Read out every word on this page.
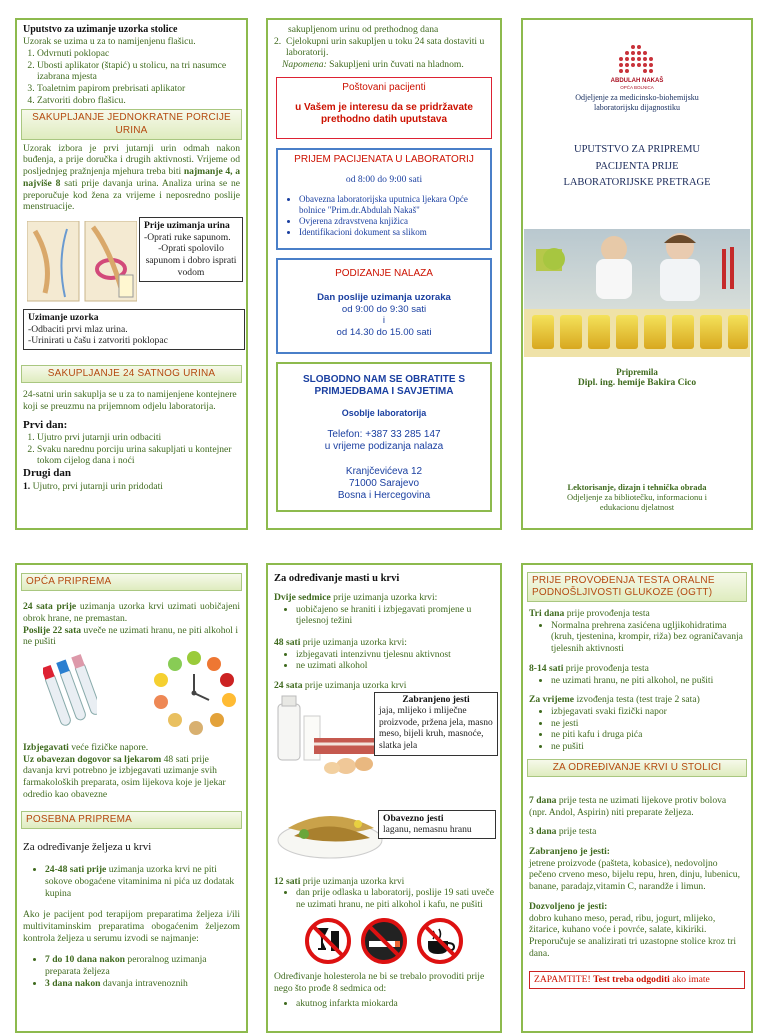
Uputstvo za uzimanje uzorka stolice
Uzorak se uzima u za to namijenjenu flašicu.
1. Odvrnuti poklopac
2. Ubosti aplikator (štapić) u stolicu, na tri nasumce izabrana mjesta
3. Toaletnim papirom prebrisati aplikator
4. Zatvoriti dobro flašicu.
SAKUPLJANJE JEDNOKRATNE PORCIJE URINA
Uzorak izbora je prvi jutarnji urin odmah nakon buđenja, a prije doručka i drugih aktivnosti. Vrijeme od posljednjeg pražnjenja mjehura treba biti najmanje 4, a najviše 8 sati prije davanja urina. Analiza urina se ne preporučuje kod žena za vrijeme i neposredno poslije menstruacije.
Prije uzimanja urina
-Oprati ruke sapunom.
-Oprati spolovilo sapunom i dobro isprati vodom
Uzimanje uzorka
-Odbaciti prvi mlaz urina.
-Urinirati u čašu i zatvoriti poklopac
SAKUPLJANJE 24 SATNOG URINA
24-satni urin sakuplja se u za to namijenjene kontejnere koji se preuzmu na prijemnom odjelu laboratorija.
Prvi dan:
1. Ujutro prvi jutarnji urin odbaciti
2. Svaku narednu porciju urina sakupljati u kontejner tokom cijelog dana i noći
Drugi dan
1. Ujutro, prvi jutarnji urin pridodati
sakupljenom urinu od prethodnog dana
2. Cjelokupni urin sakupljen u toku 24 sata dostaviti u laboratorij.
Napomena: Sakupljeni urin čuvati na hladnom.
Poštovani pacijenti
u Vašem je interesu da se pridržavate prethodno datih uputstava
PRIJEM PACIJENATA U LABORATORIJ
od 8:00 do 9:00 sati
• Obavezna laboratorijska uputnica ljekara Opće bolnice "Prim.dr.Abdulah Nakaš"
• Ovjerena zdravstvena knjižica
• Identifikacioni dokument sa slikom
PODIZANJE NALAZA
Dan poslije uzimanja uzoraka
od 9:00 do 9:30 sati
i
od 14.30 do 15.00 sati
SLOBODNO NAM SE OBRATITE S PRIMJEDBAMA I SAVJETIMA
Osoblje laboratorija
Telefon: +387 33 285 147
u vrijeme podizanja nalaza
Kranjčevićeva 12
71000 Sarajevo
Bosna i Hercegovina
ABDULAH NAKAŠ
OPĆA BOLNICA
Odjeljenje za medicinsko-biohemijsku laboratorijsku dijagnostiku
UPUTSTVO ZA PRIPREMU PACIJENTA PRIJE LABORATORIJSKE PRETRAGE
Pripremila
Dipl. ing. hemije Bakira Cico
Lektorisanje, dizajn i tehnička obrada
Odjeljenje za bibliotečku, informacionu i edukacionu djelatnost
OPĆA PRIPREMA
24 sata prije uzimanja uzorka krvi uzimati uobičajeni obrok hrane, ne premastan.
Poslije 22 sata uveče ne uzimati hranu, ne piti alkohol i ne pušiti
Izbjegavati veće fizičke napore.
Uz obavezan dogovor sa ljekarom 48 sati prije davanja krvi potrebno je izbjegavati uzimanje svih farmakoloških preparata, osim lijekova koje je ljekar odredio kao obavezne
POSEBNA PRIPREMA
Za određivanje željeza u krvi
• 24-48 sati prije uzimanja uzorka krvi ne piti sokove obogaćene vitaminima ni pića uz dodatak kupina
Ako je pacijent pod terapijom preparatima željeza i/ili multivitaminskim preparatima obogaćenim željezom kontrola željeza u serumu izvodi se najmanje:
• 7 do 10 dana nakon peroralnog uzimanja preparata željeza
• 3 dana nakon davanja intravenoznih
Za određivanje masti u krvi
Dvije sedmice prije uzimanja uzorka krvi:
• uobičajeno se hraniti i izbjegavati promjene u tjelesnoj težini
48 sati prije uzimanja uzorka krvi:
• izbjegavati intenzivnu tjelesnu aktivnost
• ne uzimati alkohol
24 sata prije uzimanja uzorka krvi
Zabranjeno jesti
jaja, mlijeko i mliječne proizvode, pržena jela, masno meso, bijeli kruh, masnoće, slatka jela
Obavezno jesti
laganu, nemasnu hranu
12 sati prije uzimanja uzorka krvi
• dan prije odlaska u laboratorij, poslije 19 sati uveče ne uzimati hranu, ne piti alkohol i kafu, ne pušiti
Određivanje holesterola ne bi se trebalo provoditi prije nego što prođe 8 sedmica od:
• akutnog infarkta miokarda
PRIJE PROVOĐENJA TESTA ORALNE PODNOŠLJIVOSTI GLUKOZE (OGTT)
Tri dana prije provođenja testa
• Normalna prehrena zasićena ugljikohidratima (kruh, tjestenina, krompir, riža) bez ograničavanja tjelesnih aktivnosti
8-14 sati prije provođenja testa
• ne uzimati hranu, ne piti alkohol, ne pušiti
Za vrijeme izvođenja testa (test traje 2 sata)
• izbjegavati svaki fizički napor
• ne jesti
• ne piti kafu i druga pića
• ne pušiti
ZA ODREĐIVANJE KRVI U STOLICI
7 dana prije testa ne uzimati lijekove protiv bolova (npr. Andol, Aspirin) niti preparate željeza.
3 dana prije testa
Zabranjeno je jesti:
jetrene proizvode (pašteta, kobasice), nedovoljno pečeno crveno meso, bijelu repu, hren, dinju, lubenicu, banane, paradajz,vitamin C, narandže i limun.
Dozvoljeno je jesti:
dobro kuhano meso, perad, ribu, jogurt, mlijeko, žitarice, kuhano voće i povrće, salate, kikiriki. Preporučuje se analizirati tri uzastopne stolice kroz tri dana.
ZAPAMTITE! Test treba odgoditi ako imate
